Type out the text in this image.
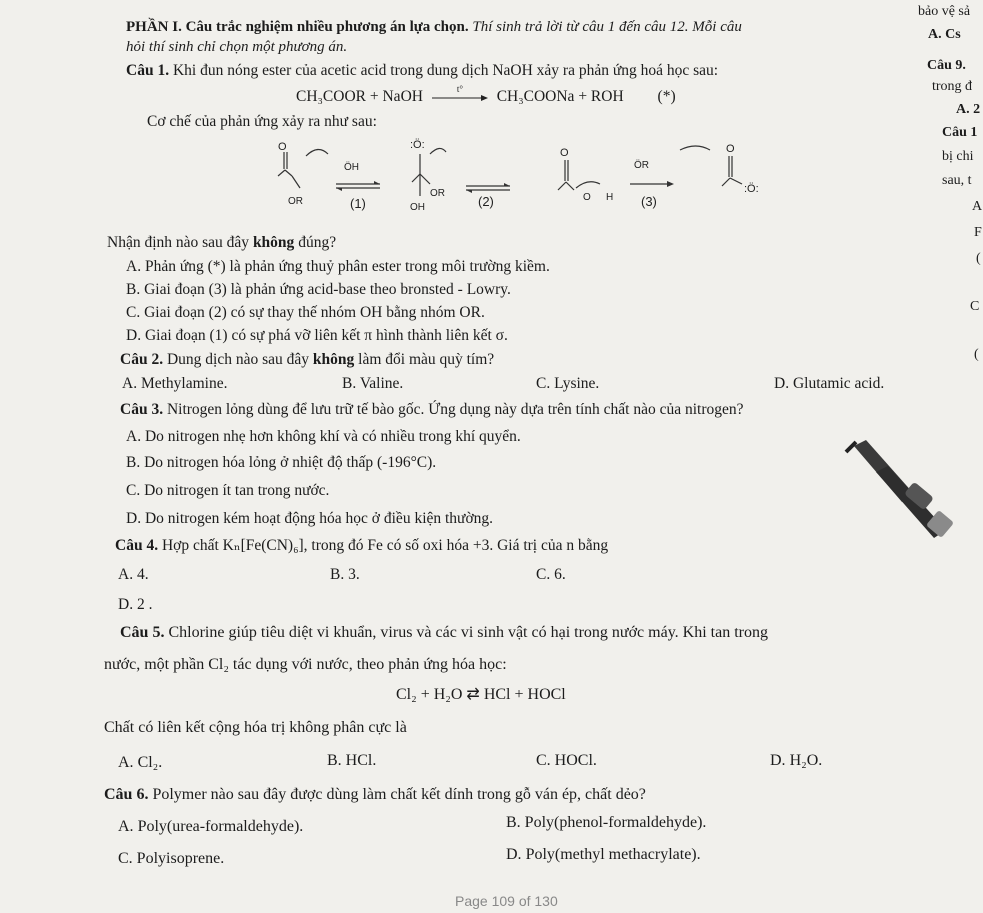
PHẦN I. Câu trắc nghiệm nhiều phương án lựa chọn. Thí sinh trả lời từ câu 1 đến câu 12. Mỗi câu
hỏi thí sinh chỉ chọn một phương án.
bảo vệ sả
A. Cs
Câu 9.
trong đ
A. 2
Câu 1
bị chi
sau, t
A
F
(
C
(
Câu 1. Khi đun nóng ester của acetic acid trong dung dịch NaOH xảy ra phản ứng hoá học sau:
CH₃COOR + NaOH	t° CH₃COONa + ROH (*)
Cơ chế của phản ứng xảy ra như sau:
O
OR
ÖH
(1)
:Ö:
OR
OH	(2)
O
O H
ÖR
(3)
O
:Ö:
Nhận định nào sau đây không đúng?
A. Phản ứng (*) là phản ứng thuỷ phân ester trong môi trường kiềm.
B. Giai đoạn (3) là phản ứng acid-base theo bronsted - Lowry.
C. Giai đoạn (2) có sự thay thế nhóm OH bằng nhóm OR.
D. Giai đoạn (1) có sự phá vỡ liên kết π hình thành liên kết σ.
Câu 2. Dung dịch nào sau đây không làm đổi màu quỳ tím?
A. Methylamine.	B. Valine.	C. Lysine.	D. Glutamic acid.
Câu 3. Nitrogen lỏng dùng để lưu trữ tế bào gốc. Ứng dụng này dựa trên tính chất nào của nitrogen?
A. Do nitrogen nhẹ hơn không khí và có nhiều trong khí quyển.
B. Do nitrogen hóa lỏng ở nhiệt độ thấp (-196°C).
C. Do nitrogen ít tan trong nước.
D. Do nitrogen kém hoạt động hóa học ở điều kiện thường.
Câu 4. Hợp chất Kₙ[Fe(CN)₆], trong đó Fe có số oxi hóa +3. Giá trị của n bằng
A. 4.	B. 3.	C. 6.
D. 2 .
Câu 5. Chlorine giúp tiêu diệt vi khuẩn, virus và các vi sinh vật có hại trong nước máy. Khi tan trong
nước, một phần Cl₂ tác dụng với nước, theo phản ứng hóa học:
Cl₂ + H₂O ⇄ HCl + HOCl
Chất có liên kết cộng hóa trị không phân cực là
A. Cl₂.	B. HCl.	C. HOCl.	D. H₂O.
Câu 6. Polymer nào sau đây được dùng làm chất kết dính trong gỗ ván ép, chất dẻo?
A. Poly(urea-formaldehyde).	B. Poly(phenol-formaldehyde).
C. Polyisoprene.	D. Poly(methyl methacrylate).
Page 109 of 130
